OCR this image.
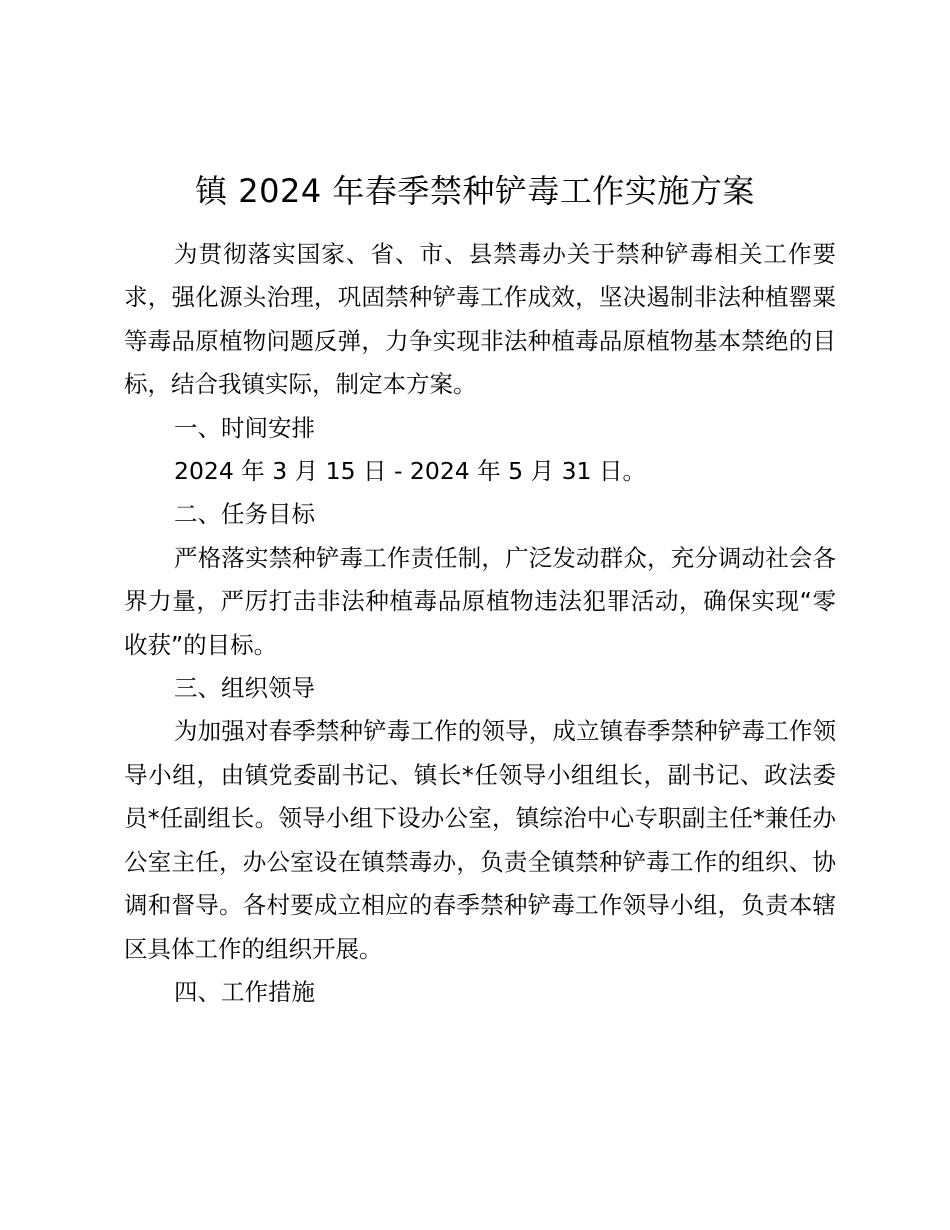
镇 2024 年春季禁种铲毒工作实施方案

为贯彻落实国家、省、市、县禁毒办关于禁种铲毒相关工作要求，强化源头治理，巩固禁种铲毒工作成效，坚决遏制非法种植罂粟等毒品原植物问题反弹，力争实现非法种植毒品原植物基本禁绝的目标，结合我镇实际，制定本方案。

一、时间安排

2024 年 3 月 15 日 - 2024 年 5 月 31 日。

二、任务目标

严格落实禁种铲毒工作责任制，广泛发动群众，充分调动社会各界力量，严厉打击非法种植毒品原植物违法犯罪活动，确保实现“零收获”的目标。

三、组织领导

为加强对春季禁种铲毒工作的领导，成立镇春季禁种铲毒工作领导小组，由镇党委副书记、镇长*任领导小组组长，副书记、政法委员*任副组长。领导小组下设办公室，镇综治中心专职副主任*兼任办公室主任，办公室设在镇禁毒办，负责全镇禁种铲毒工作的组织、协调和督导。各村要成立相应的春季禁种铲毒工作领导小组，负责本辖区具体工作的组织开展。

四、工作措施
